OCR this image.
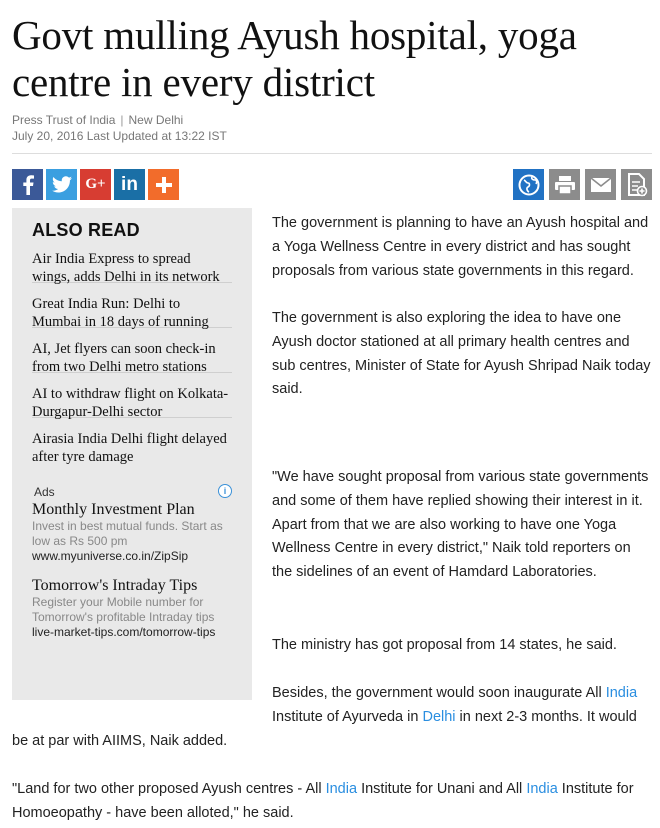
Govt mulling Ayush hospital, yoga centre in every district
Press Trust of India | New Delhi
July 20, 2016 Last Updated at 13:22 IST
G+ in
ALSO READ
Air India Express to spread wings, adds Delhi in its network
Great India Run: Delhi to Mumbai in 18 days of running
AI, Jet flyers can soon check-in from two Delhi metro stations
AI to withdraw flight on Kolkata-Durgapur-Delhi sector
Airasia India Delhi flight delayed after tyre damage
Ads	i
Monthly Investment Plan
Invest in best mutual funds. Start as low as Rs 500 pm
www.myuniverse.co.in/ZipSip
Tomorrow's Intraday Tips
Register your Mobile number for Tomorrow's profitable Intraday tips
live-market-tips.com/tomorrow-tips

The government is planning to have an Ayush hospital and a Yoga Wellness Centre in every district and has sought proposals from various state governments in this regard.

The government is also exploring the idea to have one Ayush doctor stationed at all primary health centres and sub centres, Minister of State for Ayush Shripad Naik today said.

"We have sought proposal from various state governments and some of them have replied showing their interest in it. Apart from that we are also working to have one Yoga Wellness Centre in every district," Naik told reporters on the sidelines of an event of Hamdard Laboratories.

The ministry has got proposal from 14 states, he said.

Besides, the government would soon inaugurate All India Institute of Ayurveda in Delhi in next 2-3 months. It would

be at par with AIIMS, Naik added.

"Land for two other proposed Ayush centres - All India Institute for Unani and All India Institute for Homoeopathy - have been alloted," he said.
